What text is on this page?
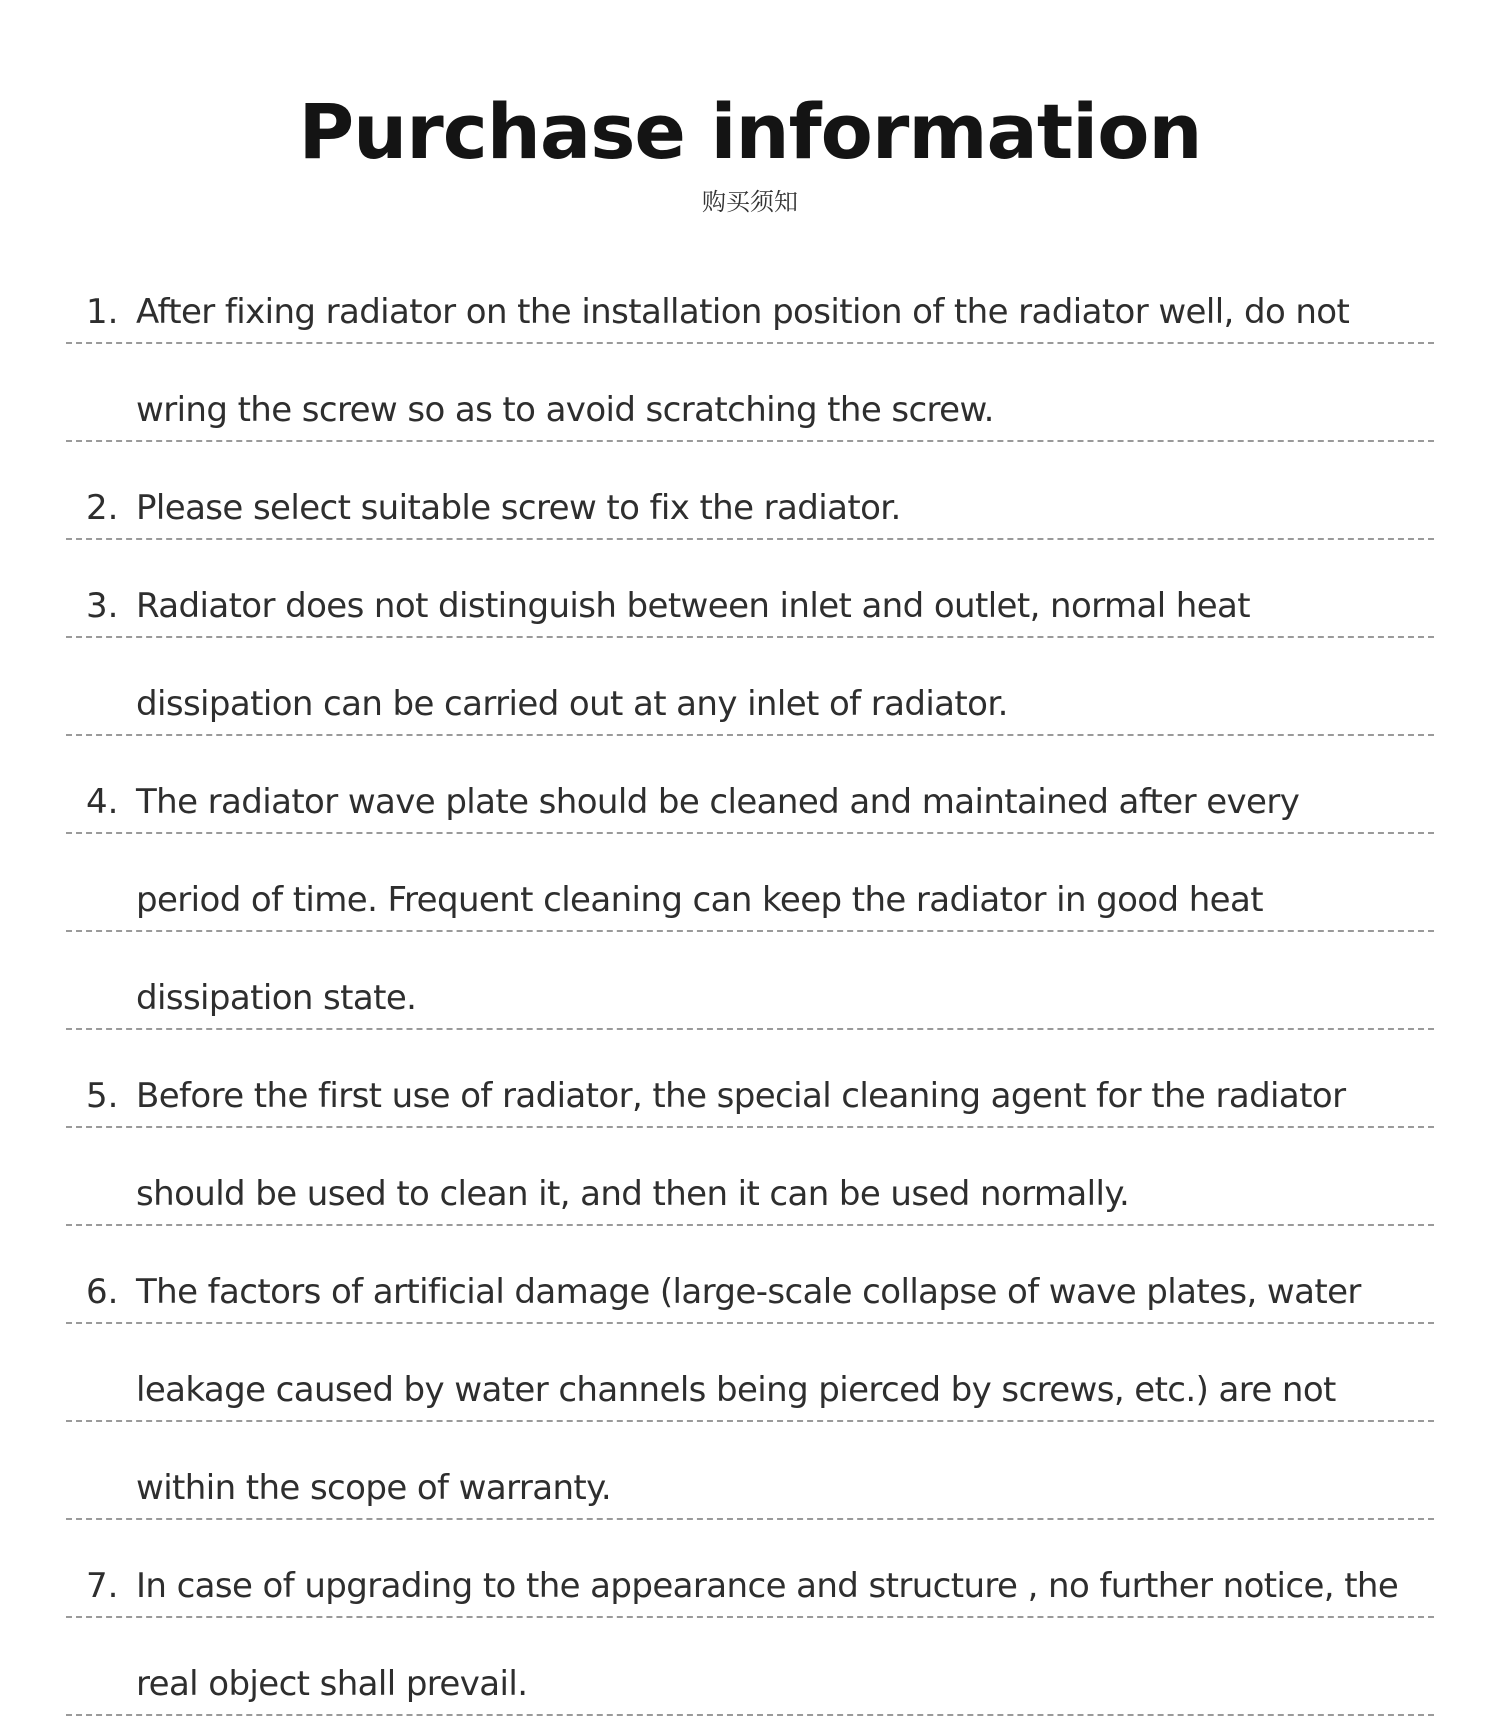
Purchase information
购买须知
1. After fixing radiator on the installation position of the radiator well, do not
wring the screw so as to avoid scratching the screw.
2. Please select suitable screw to fix the radiator.
3. Radiator does not distinguish between inlet and outlet, normal heat
dissipation can be carried out at any inlet of radiator.
4. The radiator wave plate should be cleaned and maintained after every
period of time. Frequent cleaning can keep the radiator in good heat
dissipation state.
5. Before the first use of radiator, the special cleaning agent for the radiator
should be used to clean it, and then it can be used normally.
6. The factors of artificial damage (large-scale collapse of wave plates, water
leakage caused by water channels being pierced by screws, etc.) are not
within the scope of warranty.
7. In case of upgrading to the appearance and structure , no further notice, the
real object shall prevail.
